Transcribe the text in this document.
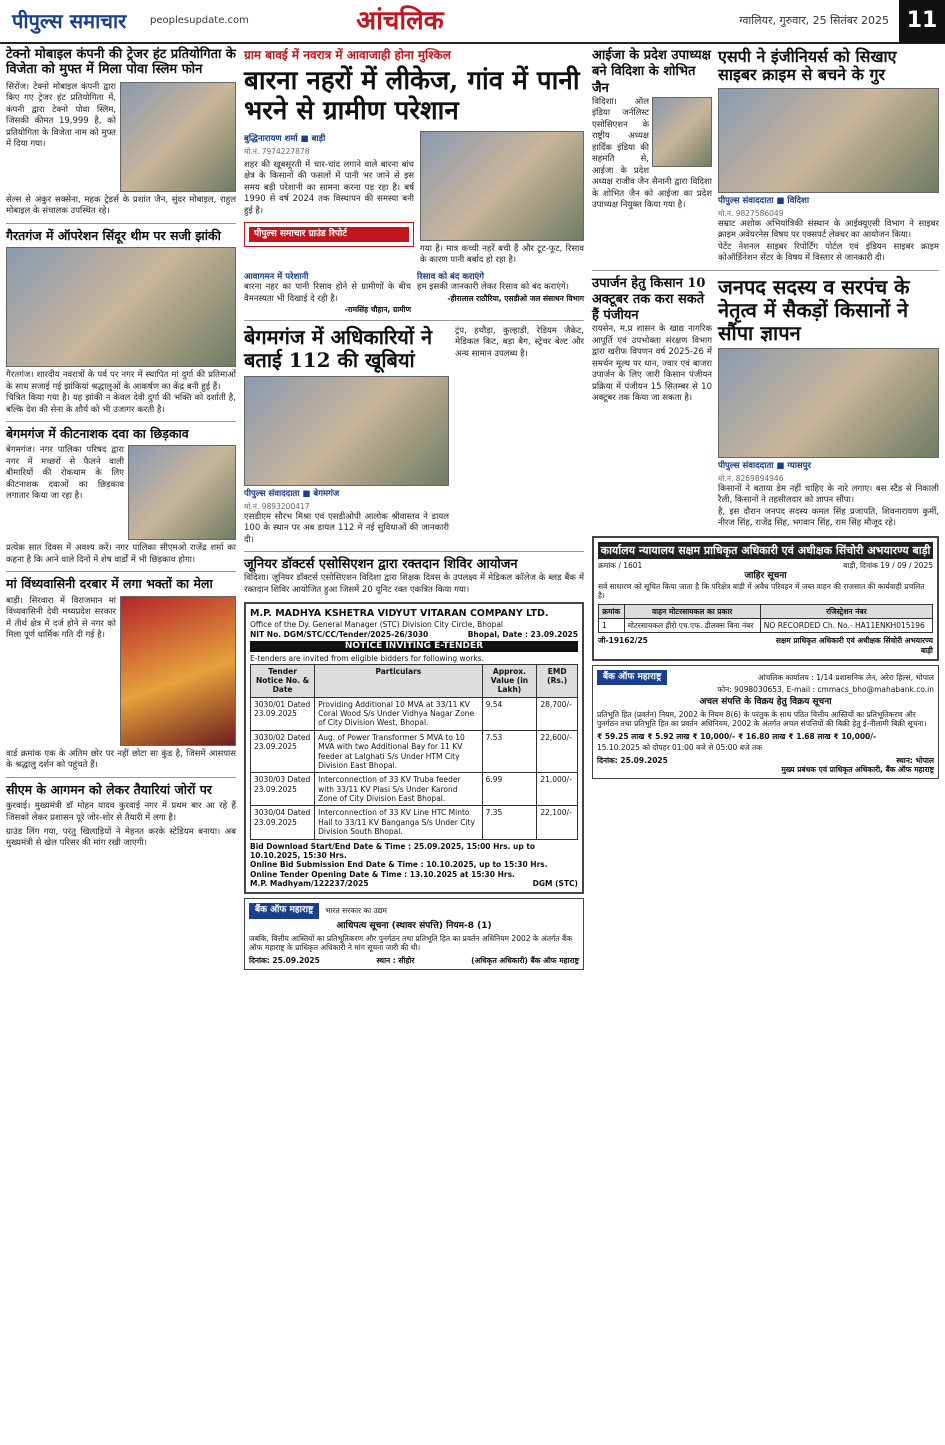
पीपुल्स समाचार	peoplesupdate.com	आंचलिक	ग्वालियर, गुरुवार, 25 सितंबर 2025 11
टेक्नो मोबाइल कंपनी की ट्रेजर हंट प्रतियोगिता के विजेता को मुफ्त में मिला पोवा स्लिम फोन
सिरोंज। टेक्नो मोबाइल कंपनी द्वारा किए गए ट्रेजर हंट प्रतियोगिता में, कंपनी द्वारा टेक्नो पोवा स्लिम, जिसकी कीमत 19,999 है, को प्रतियोगिता के विजेता नाम को मुफ्त में दिया गया।
सेल्स से अंकुर सक्सेना, महक ट्रेडर्स के प्रशांत जैन, सुंदर मोबाइल, राहुल मोबाइल के संचालक उपस्थित रहे।
गैरतगंज में ऑपरेशन सिंदूर थीम पर सजी झांकी
गैरतगंज। शारदीय नवरात्रों के पर्व पर नगर में स्थापित मां दुर्गा की प्रतिमाओं के साथ सजाई गई झांकियां श्रद्धालुओं के आकर्षण का केंद्र बनी हुई हैं।
चित्रित किया गया है। यह झांकी न केवल देवी दुर्गा की भक्ति को दर्शाती है, बल्कि देश की सेना के शौर्य को भी उजागर करती है।
बेगमगंज में कीटनाशक दवा का छिड़काव
बेगमगंज। नगर पालिका परिषद द्वारा नगर में मच्छरों से फैलने वाली बीमारियों की रोकथाम के लिए कीटनाशक दवाओं का छिड़काव लगातार किया जा रहा है।
प्रत्येक सात दिवस में अवश्य करें। नगर पालिका सीएमओ राजेंद्र शर्मा का कहना है कि आने वाले दिनों में शेष वार्डों में भी छिड़काव होगा।
मां विंध्यवासिनी दरबार में लगा भक्तों का मेला
बाड़ी। सिरवारा में विराजमान मां विंध्यवासिनी देवी मध्यप्रदेश सरकार में तीर्थ क्षेत्र में दर्ज होने से नगर को मिला पूर्ण धार्मिक गति दी गई है।
वार्ड क्रमांक एक के अतिम छोर पर नहीं छोटा सा कुंड है, जिसमें आसपास के श्रद्धालु दर्शन को पहुंचते हैं।
सीएम के आगमन को लेकर तैयारियां जोरों पर
कुरवाई। मुख्यमंत्री डॉ मोहन यादव कुरवाई नगर में प्रथम बार आ रहे हैं जिसको लेकर प्रशासन पूरे जोर-शोर से तैयारी में लगा है।
ग्राउंड लिंग गया, परंतु खिलाड़ियों ने मेहनत करके स्टेडियम बनाया। अब मुख्यमंत्री से खेल परिसर की मांग रखी जाएगी।
ग्राम बावई में नवरात्र में आवाजाही होना मुश्किल
बारना नहरों में लीकेज, गांव में पानी भरने से ग्रामीण परेशान
बुद्धिनारायण शर्मा ■ बाड़ी
मो.नं. 7974227878
शहर की खूबसूरती में चार-चांद लगाने वाले बारना बांध क्षेत्र के किसानों की फसलों में पानी भर जाने से इस समय बड़ी परेशानी का सामना करना पड़ रहा है। बर्ष 1990 से वर्ष 2024 तक विस्थापन की समस्या बनी हुई है।
पीपुल्स समाचार ग्राउंड रिपोर्ट
गया है। मात्र कच्ची नहरें बची हैं और टूट-फूट, रिसाव के कारण पानी बर्बाद हो रहा है।
आवागमन में परेशानी
बारना नहर का पानी रिसाव होने से ग्रामीणों के बीच वैमनस्यता भी दिखाई दे रही है।
-रामसिंह चौहान, ग्रामीण
रिसाव को बंद कराएंगे
हम इसकी जानकारी लेकर रिसाव को बंद कराएंगे।
-हीरालाल राठौरिया, एसडीओ जल संसाधन विभाग
बेगमगंज में अधिकारियों ने बताई 112 की खूबियां
पीपुल्स संवाददाता ■ बेगमगंज
मो.नं. 9893200417
एसडीएम सौरभ मिश्रा एवं एसडीओपी आलोक श्रीवास्तव ने डायल 100 के स्थान पर अब डायल 112 में नई सुविधाओं की जानकारी दी।
ट्रंप, हथौड़ा, कुल्हाड़ी, रेडियम जैकेट, मेडिकल किट, बड़ा बैग, स्ट्रेचर बेल्ट और अन्य सामान उपलब्ध है।
जूनियर डॉक्टर्स एसोसिएशन द्वारा रक्तदान शिविर आयोजन
विदिशा। जूनियर डॉक्टर्स एसोसिएशन विदिशा द्वारा शिक्षक दिवस के उपलक्ष्य में मेडिकल कॉलेज के ब्लड बैंक में रक्तदान शिविर आयोजित हुआ जिसमें 20 यूनिट रक्त एकत्रित किया गया।
M.P. MADHYA KSHETRA VIDYUT VITARAN COMPANY LTD.
Office of the Dy. General Manager (STC) Division City Circle, Bhopal
NIT No. DGM/STC/CC/Tender/2025-26/3030	Bhopal, Date : 23.09.2025
NOTICE INVITING E-TENDER
E-tenders are invited from eligible bidders for following works.
Tender Notice No. & Date	Particulars	Approx. Value (in Lakh)	EMD (Rs.)
3030/01 Dated 23.09.2025	Providing Additional 10 MVA at 33/11 KV Coral Wood S/s Under Vidhya Nagar Zone of City Division West, Bhopal.	9.54	28,700/-
3030/02 Dated 23.09.2025	Aug. of Power Transformer 5 MVA to 10 MVA with two Additional Bay for 11 KV feeder at Lalghati S/s Under HTM City Division East Bhopal.	7.53	22,600/-
3030/03 Dated 23.09.2025	Interconnection of 33 KV Truba feeder with 33/11 KV Plasi S/s Under Karond Zone of City Division East Bhopal.	6.99	21,000/-
3030/04 Dated 23.09.2025	Interconnection of 33 KV Line HTC Minto Hall to 33/11 KV Banganga S/s Under City Division South Bhopal.	7.35	22,100/-
Bid Download Start/End Date & Time : 25.09.2025, 15:00 Hrs. up to 10.10.2025, 15:30 Hrs.
Online Bid Submission End Date & Time : 10.10.2025, up to 15:30 Hrs.
Online Tender Opening Date & Time : 13.10.2025 at 15:30 Hrs.
M.P. Madhyam/122237/2025	DGM (STC)
बैंक ऑफ महाराष्ट्र	भारत सरकार का उद्यम
आधिपत्य सूचना (स्थावर संपत्ति) नियम-8 (1)
जबकि, वित्तीय आस्तियों का प्रतिभूतिकरण और पुनर्गठन तथा प्रतिभूति हित का प्रवर्तन अधिनियम 2002 के अंतर्गत बैंक ऑफ महाराष्ट्र के प्राधिकृत अधिकारी ने मांग सूचना जारी की थी।
दिनांक: 25.09.2025	स्थान : सीहोर	(अधिकृत अधिकारी) बैंक ऑफ महाराष्ट्र
आईजा के प्रदेश उपाध्यक्ष बने विदिशा के शोभित जैन
विदिशा। ऑल इंडिया जर्नलिस्ट एसोसिएशन के राष्ट्रीय अध्यक्ष हार्दिक इंडिया की सहमति से, आईजा के प्रदेश अध्यक्ष राजीव जैन सैनानी द्वारा विदिशा के शोभित जैन को आईजा का प्रदेश उपाध्यक्ष नियुक्त किया गया है।
एसपी ने इंजीनियर्स को सिखाए साइबर क्राइम से बचने के गुर
पीपुल्स संवाददाता ■ विदिशा
मो.नं. 9827586049
सम्राट अशोक अभियांत्रिकी संस्थान के आईक्यूएसी विभाग ने साइबर क्राइम अवेयरनेस विषय पर एक्सपर्ट लेक्चर का आयोजन किया।
पेटेंट नेशनल साइबर रिपोर्टिंग पोर्टल एवं इंडियन साइबर क्राइम कोऑर्डिनेशन सेंटर के विषय में विस्तार से जानकारी दी।
उपार्जन हेतु किसान 10 अक्टूबर तक करा सकते हैं पंजीयन
रायसेन, म.प्र शासन के खाद्य नागरिक आपूर्ति एवं उपभोक्ता संरक्षण विभाग द्वारा खरीफ विपणन वर्ष 2025-26 में समर्थन मूल्य पर धान, ज्वार एवं बाजरा उपार्जन के लिए जारी किसान पंजीयन प्रक्रिया में पंजीयन 15 सितम्बर से 10 अक्टूबर तक किया जा सकता है।
जनपद सदस्य व सरपंच के नेतृत्व में सैकड़ों किसानों ने सौंपा ज्ञापन
पीपुल्स संवाददाता ■ ग्यासपुर
मो.नं. 8269894946
किसानों ने बताया डेम नहीं चाहिए के नारे लगाए। बस स्टैंड से निकाली रैली, किसानों ने तहसीलदार को ज्ञापन सौंपा।
है, इस दौरान जनपद सदस्य कमल सिंह प्रजापति, शिवनारायण कुर्मी, नीरज सिंह, राजेंद्र सिंह, भगवान सिंह, राम सिंह मौजूद रहे।
कार्यालय न्यायालय सक्षम प्राधिकृत अधिकारी एवं अधीक्षक सिंचोरी अभयारण्य बाड़ी
क्रमांक / 1601	बाड़ी, दिनांक 19 / 09 / 2025
जाहिर सूचना
सर्व साधारण को सूचित किया जाता है कि परिक्षेत्र बाड़ी में अवैध परिवहन में जब्त वाहन की राजसात की कार्यवाही प्रचलित है।
क्रमांक	वाहन मोटरसायकल का प्रकार	रजिस्ट्रेशन नंबर
1	मोटरसायकल हीरो एच.एफ. डीलक्स बिना नंबर	NO RECORDED Ch. No.- HA11ENKH015196
जी-19162/25	सक्षम प्राधिकृत अधिकारी एवं अधीक्षक सिंचोरी अभयारण्य बाड़ी
बैंक ऑफ महाराष्ट्र	आंचलिक कार्यालय : 1/14 प्रशासनिक लेन, अरेरा हिल्स, भोपाल
फोन: 9098030653, E-mail : cmmacs_bho@mahabank.co.in
अचल संपत्ति के विक्रय हेतु विक्रय सूचना
प्रतिभूति हित (प्रवर्तन) नियम, 2002 के नियम 8(6) के परंतुक के साथ पठित वित्तीय आस्तियों का प्रतिभूतिकरण और पुनर्गठन तथा प्रतिभूति हित का प्रवर्तन अधिनियम, 2002 के अंतर्गत अचल संपत्तियों की बिक्री हेतु ई-नीलामी बिक्री सूचना।
₹ 59.25 लाख ₹ 5.92 लाख ₹ 10,000/- ₹ 16.80 लाख ₹ 1.68 लाख ₹ 10,000/-
15.10.2025 को दोपहर 01:00 बजे से 05:00 बजे तक
दिनांक: 25.09.2025	स्थान: भोपाल
मुख्य प्रबंधक एवं प्राधिकृत अधिकारी, बैंक ऑफ महाराष्ट्र
